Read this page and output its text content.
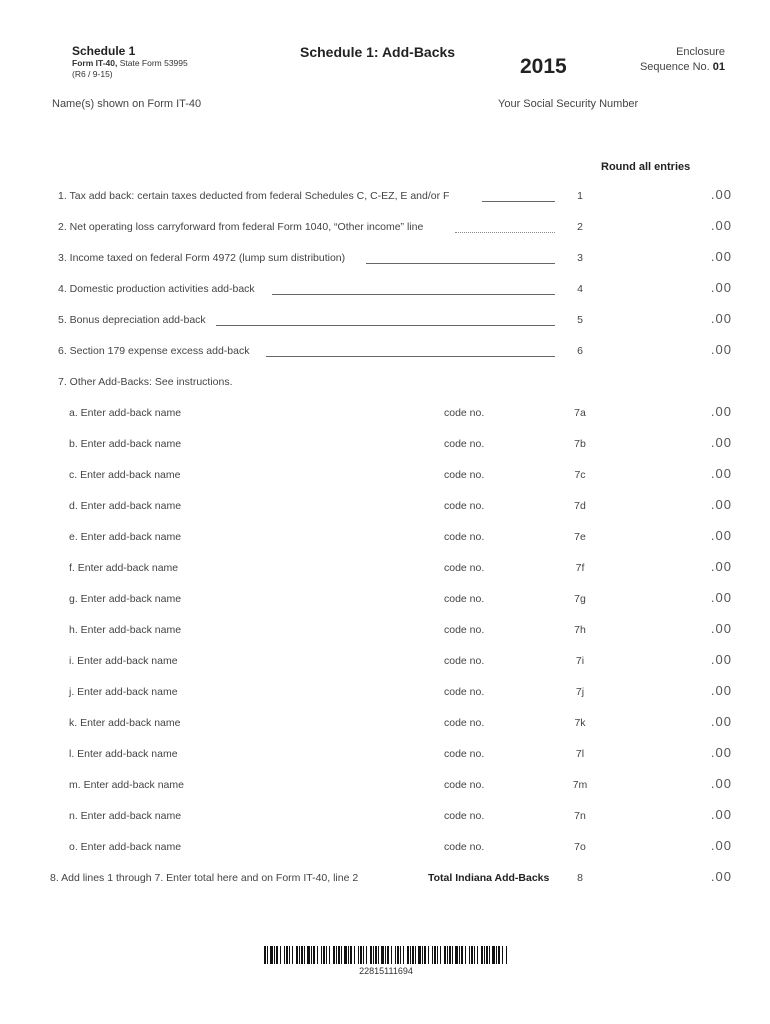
Schedule 1
Form IT-40, State Form 53995
(R6 / 9-15)
Schedule 1: Add-Backs
2015
Enclosure
Sequence No. 01
Name(s) shown on Form IT-40	Your Social Security Number
Round all entries
1. Tax add back: certain taxes deducted from federal Schedules C, C-EZ, E and/or F	1	.00
2. Net operating loss carryforward from federal Form 1040, “Other income” line	2	.00
3. Income taxed on federal Form 4972 (lump sum distribution)	3	.00
4. Domestic production activities add-back	4	.00
5. Bonus depreciation add-back	5	.00
6. Section 179 expense excess add-back	6	.00
7. Other Add-Backs: See instructions.
a. Enter add-back name	code no.	7a	.00
b. Enter add-back name	code no.	7b	.00
c. Enter add-back name	code no.	7c	.00
d. Enter add-back name	code no.	7d	.00
e. Enter add-back name	code no.	7e	.00
f. Enter add-back name	code no.	7f	.00
g. Enter add-back name	code no.	7g	.00
h. Enter add-back name	code no.	7h	.00
i. Enter add-back name	code no.	7i	.00
j. Enter add-back name	code no.	7j	.00
k. Enter add-back name	code no.	7k	.00
l. Enter add-back name	code no.	7l	.00
m. Enter add-back name	code no.	7m	.00
n. Enter add-back name	code no.	7n	.00
o. Enter add-back name	code no.	7o	.00
8. Add lines 1 through 7. Enter total here and on Form IT-40, line 2	Total Indiana Add-Backs	8	.00
22815111694
